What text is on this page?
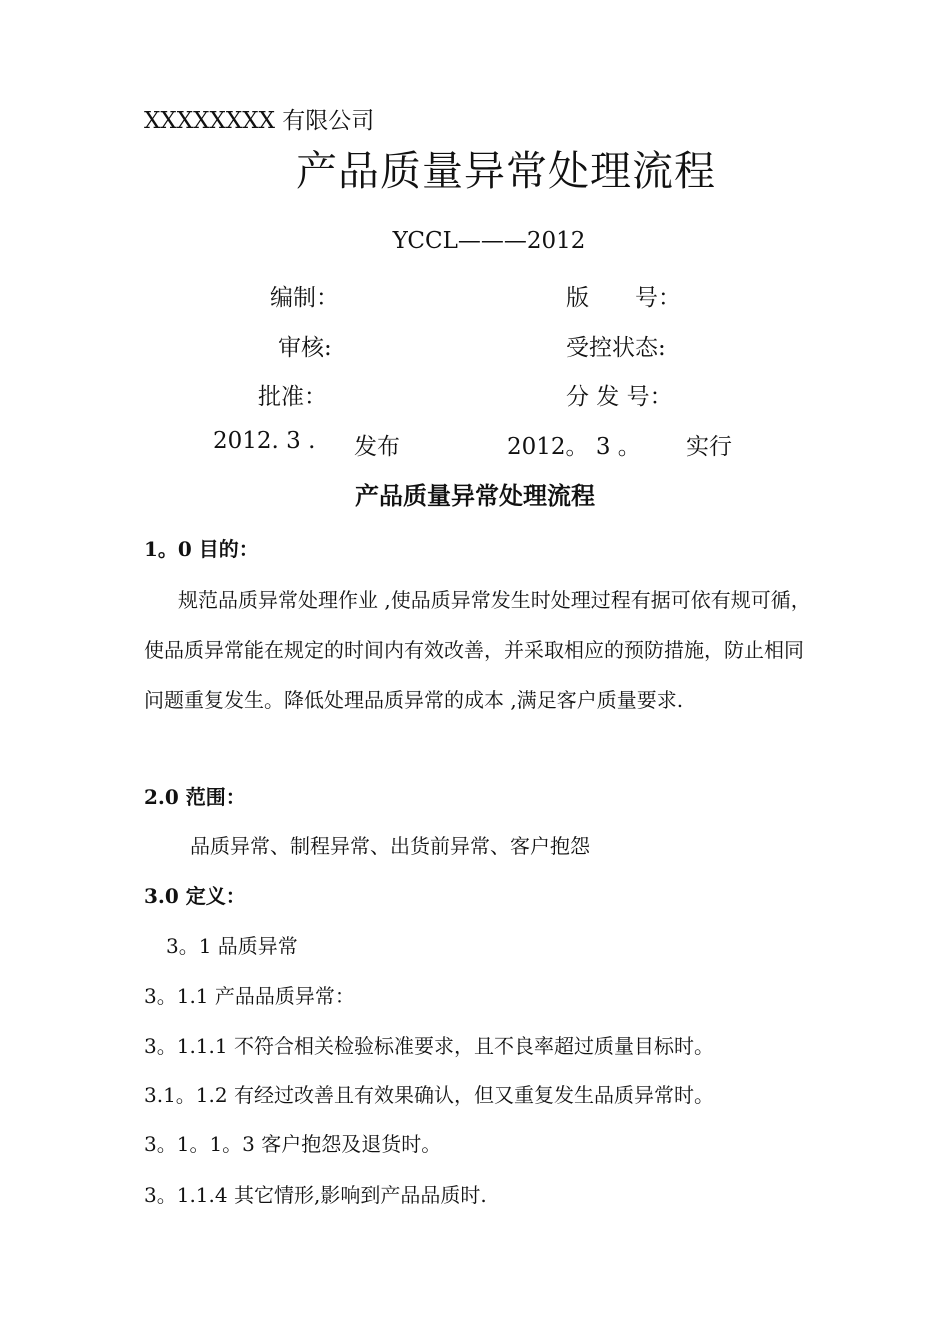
XXXXXXXX 有限公司
产品质量异常处理流程
YCCL———2012
编制：	版　　号：
审核:	受控状态:
批准：	分 发 号：
2012. 3 . 发布	2012。 3 。 实行
产品质量异常处理流程
1。0 目的：
规范品质异常处理作业 ,使品质异常发生时处理过程有据可依有规可循，使品质异常能在规定的时间内有效改善，并采取相应的预防措施，防止相同问题重复发生。降低处理品质异常的成本 ,满足客户质量要求.
2.0 范围：
品质异常、制程异常、出货前异常、客户抱怨
3.0 定义：
3。1 品质异常
3。1.1 产品品质异常：
3。1.1.1 不符合相关检验标准要求，且不良率超过质量目标时。
3.1。1.2 有经过改善且有效果确认，但又重复发生品质异常时。
3。1。1。3 客户抱怨及退货时。
3。1.1.4 其它情形,影响到产品品质时.
